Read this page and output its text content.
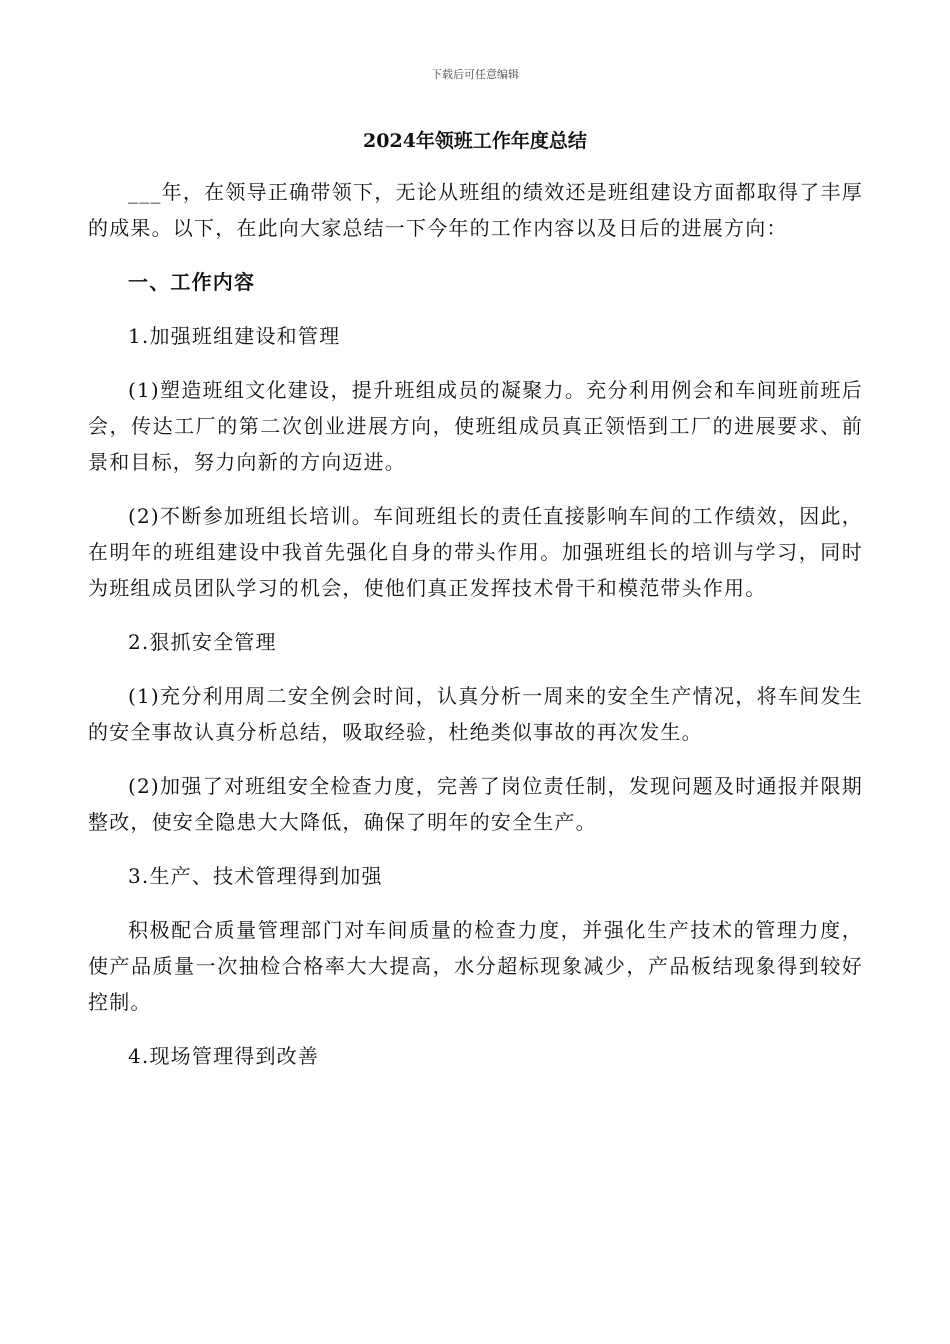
下载后可任意编辑
2024年领班工作年度总结

___年，在领导正确带领下，无论从班组的绩效还是班组建设方面都取得了丰厚的成果。以下，在此向大家总结一下今年的工作内容以及日后的进展方向：

一、工作内容

1.加强班组建设和管理

(1)塑造班组文化建设，提升班组成员的凝聚力。充分利用例会和车间班前班后会，传达工厂的第二次创业进展方向，使班组成员真正领悟到工厂的进展要求、前景和目标，努力向新的方向迈进。

(2)不断参加班组长培训。车间班组长的责任直接影响车间的工作绩效，因此，在明年的班组建设中我首先强化自身的带头作用。加强班组长的培训与学习，同时为班组成员团队学习的机会，使他们真正发挥技术骨干和模范带头作用。

2.狠抓安全管理

(1)充分利用周二安全例会时间，认真分析一周来的安全生产情况，将车间发生的安全事故认真分析总结，吸取经验，杜绝类似事故的再次发生。

(2)加强了对班组安全检查力度，完善了岗位责任制，发现问题及时通报并限期整改，使安全隐患大大降低，确保了明年的安全生产。

3.生产、技术管理得到加强

积极配合质量管理部门对车间质量的检查力度，并强化生产技术的管理力度，使产品质量一次抽检合格率大大提高，水分超标现象减少，产品板结现象得到较好控制。

4.现场管理得到改善
